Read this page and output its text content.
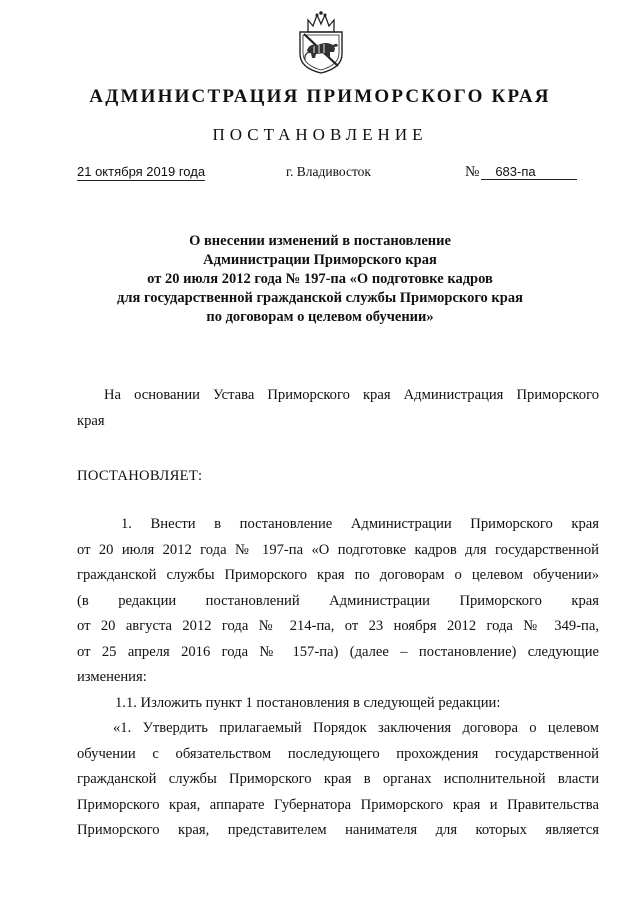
АДМИНИСТРАЦИЯ ПРИМОРСКОГО КРАЯ
ПОСТАНОВЛЕНИЕ
21 октября 2019 года	г. Владивосток	№ 683-па
О внесении изменений в постановление
Администрации Приморского края
от 20 июля 2012 года № 197-па «О подготовке кадров
для государственной гражданской службы Приморского края
по договорам о целевом обучении»
На основании Устава Приморского края Администрация Приморского
края
ПОСТАНОВЛЯЕТ:
1. Внести в постановление Администрации Приморского края
от 20 июля 2012 года № 197-па «О подготовке кадров для государственной
гражданской службы Приморского края по договорам о целевом обучении»
(в редакции постановлений Администрации Приморского края
от 20 августа 2012 года № 214-па, от 23 ноября 2012 года № 349-па,
от 25 апреля 2016 года № 157-па) (далее – постановление) следующие
изменения:
1.1. Изложить пункт 1 постановления в следующей редакции:
«1. Утвердить прилагаемый Порядок заключения договора о целевом
обучении с обязательством последующего прохождения государственной
гражданской службы Приморского края в органах исполнительной власти
Приморского края, аппарате Губернатора Приморского края и Правительства
Приморского края, представителем нанимателя для которых является
